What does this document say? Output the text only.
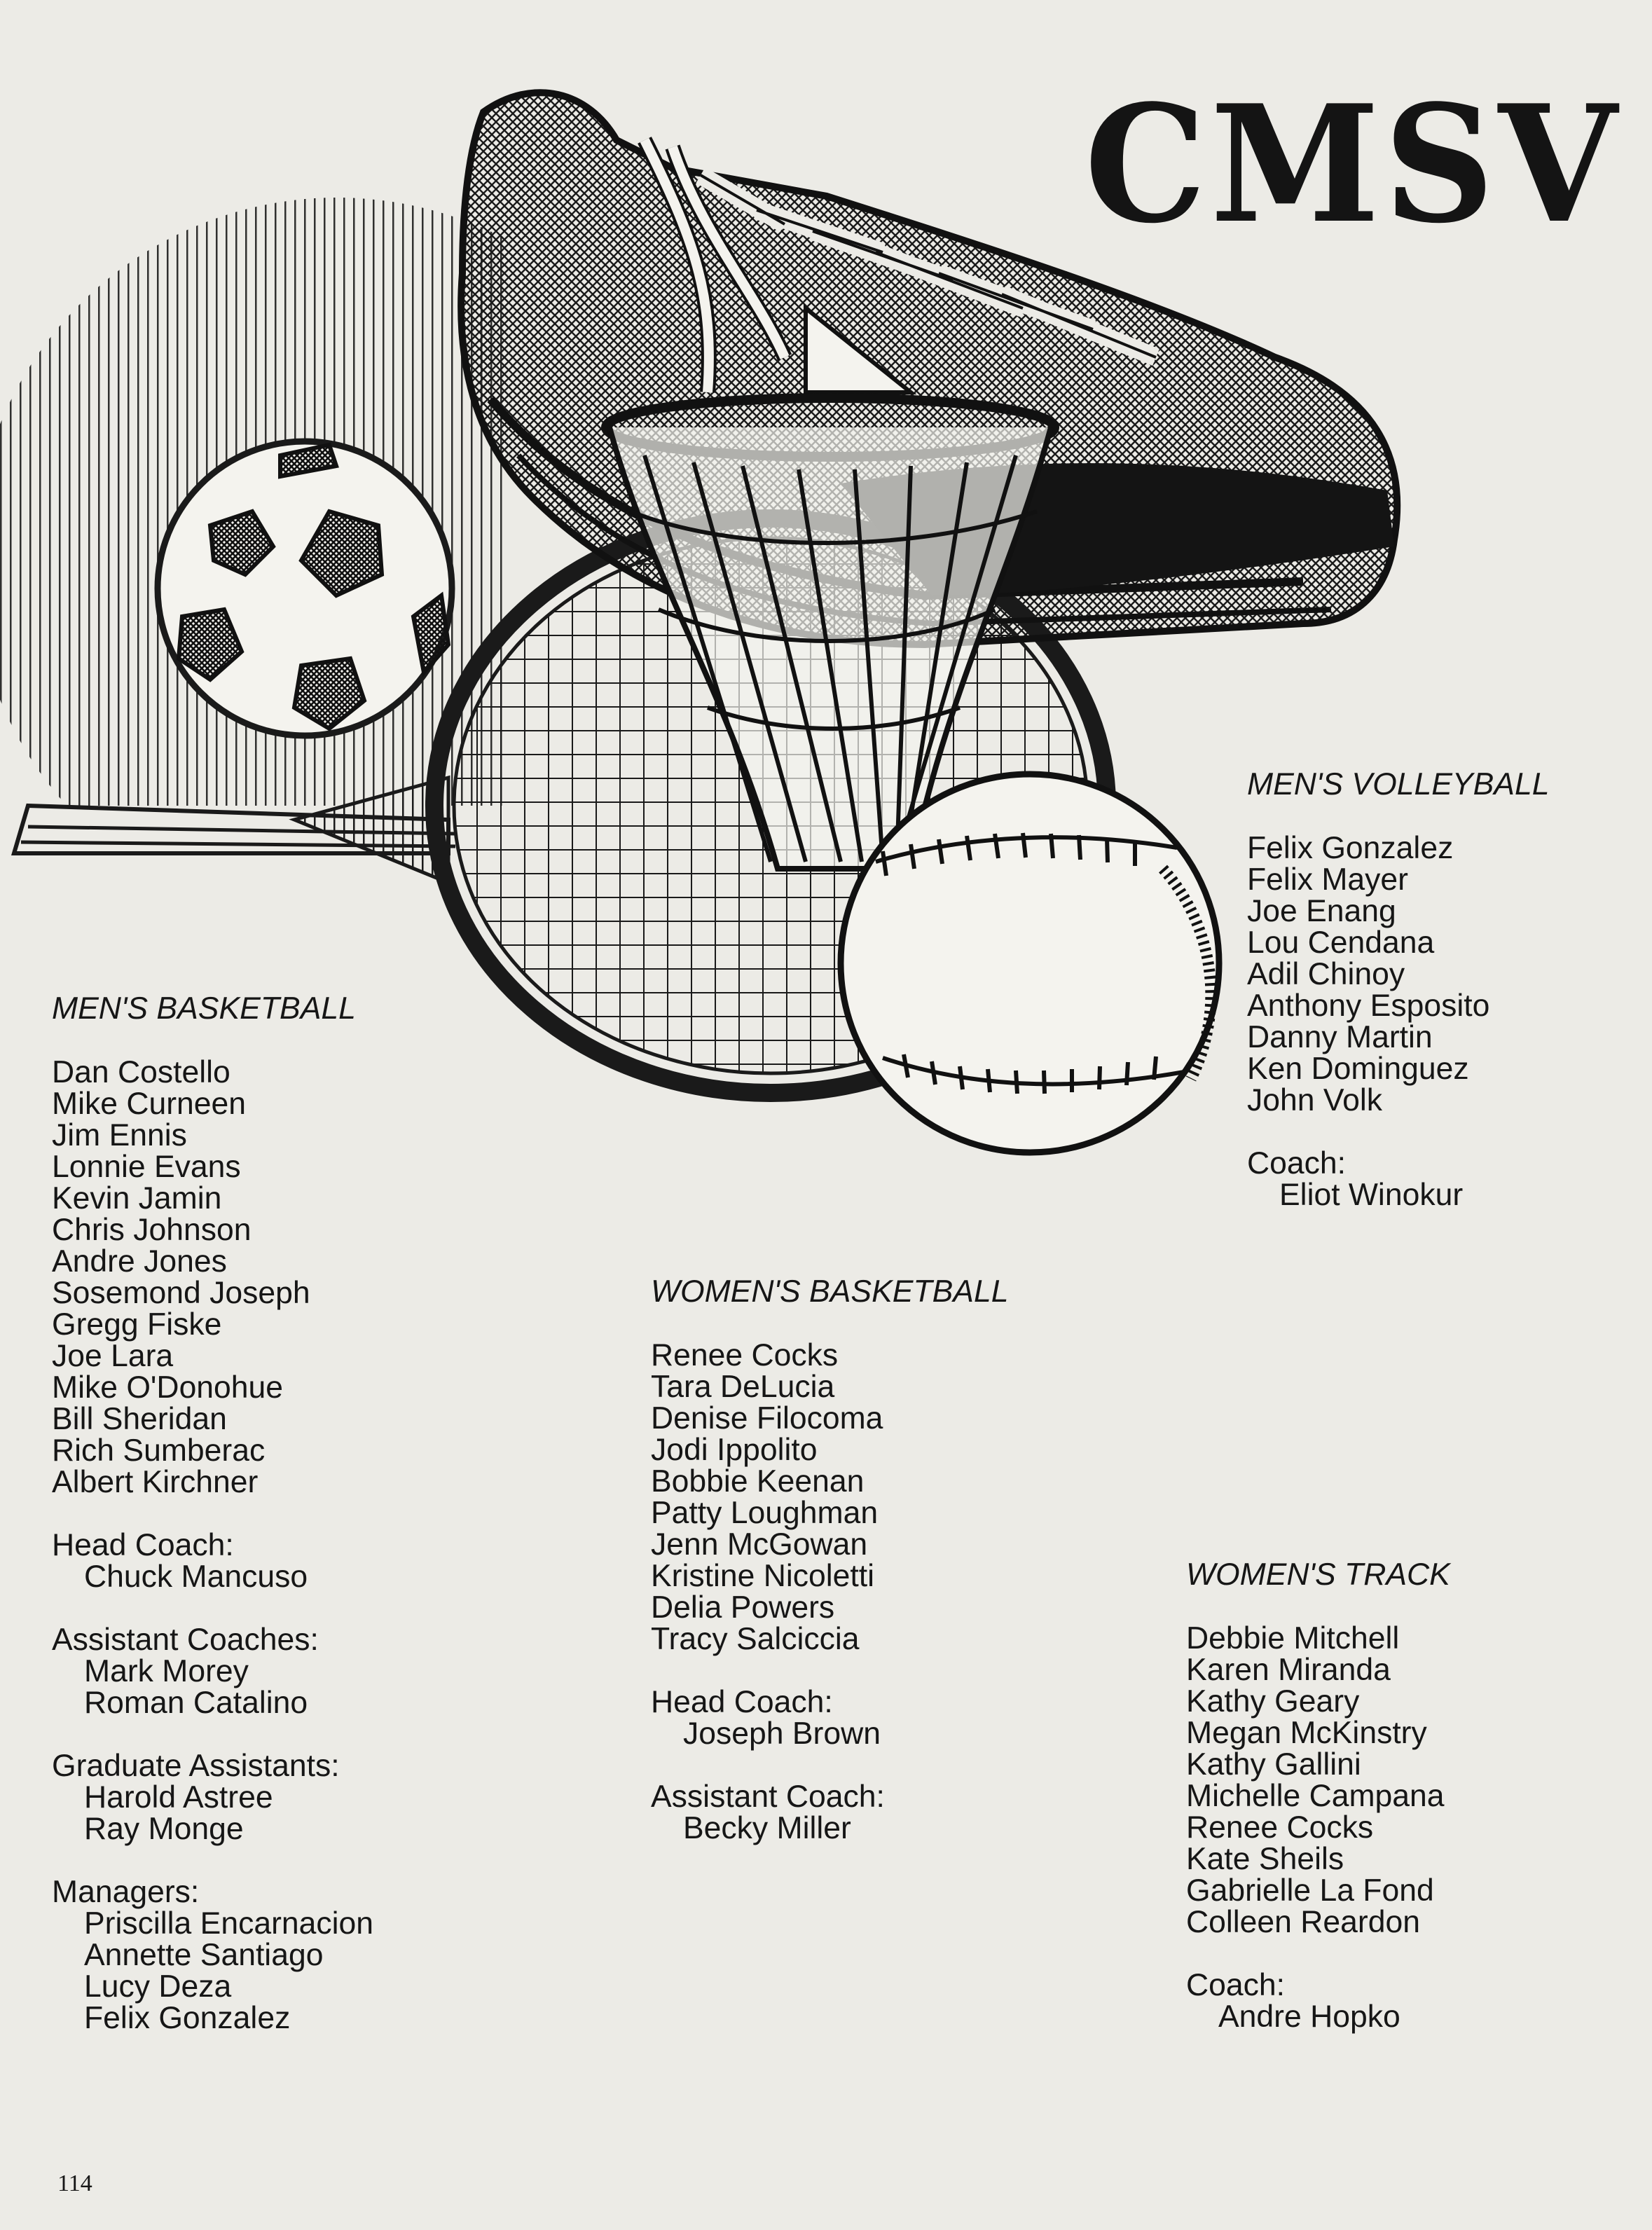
CMSV
MEN'S BASKETBALL
Dan Costello
Mike Curneen
Jim Ennis
Lonnie Evans
Kevin Jamin
Chris Johnson
Andre Jones
Sosemond Joseph
Gregg Fiske
Joe Lara
Mike O'Donohue
Bill Sheridan
Rich Sumberac
Albert Kirchner
Head Coach:
Chuck Mancuso
Assistant Coaches:
Mark Morey
Roman Catalino
Graduate Assistants:
Harold Astree
Ray Monge
Managers:
Priscilla Encarnacion
Annette Santiago
Lucy Deza
Felix Gonzalez
WOMEN'S BASKETBALL
Renee Cocks
Tara DeLucia
Denise Filocoma
Jodi Ippolito
Bobbie Keenan
Patty Loughman
Jenn McGowan
Kristine Nicoletti
Delia Powers
Tracy Salciccia
Head Coach:
Joseph Brown
Assistant Coach:
Becky Miller
MEN'S VOLLEYBALL
Felix Gonzalez
Felix Mayer
Joe Enang
Lou Cendana
Adil Chinoy
Anthony Esposito
Danny Martin
Ken Dominguez
John Volk
Coach:
Eliot Winokur
WOMEN'S TRACK
Debbie Mitchell
Karen Miranda
Kathy Geary
Megan McKinstry
Kathy Gallini
Michelle Campana
Renee Cocks
Kate Sheils
Gabrielle La Fond
Colleen Reardon
Coach:
Andre Hopko
114
